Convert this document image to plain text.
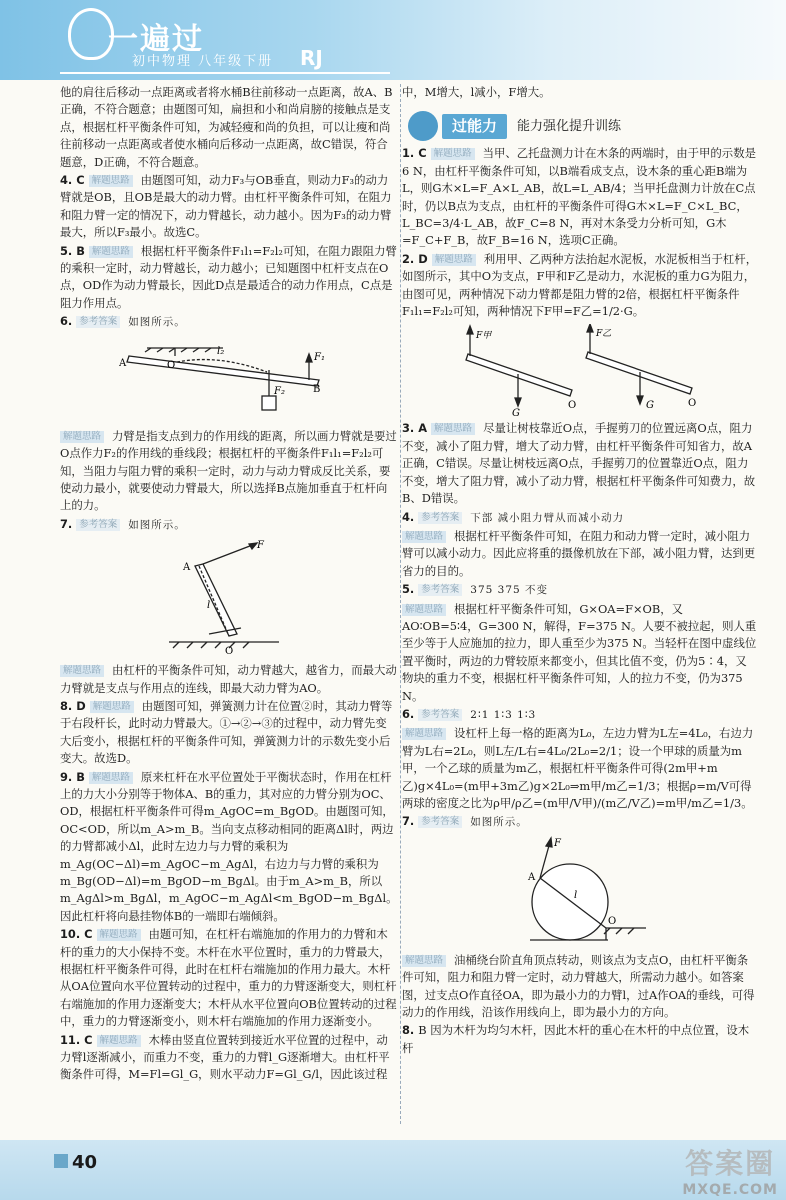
一遍过
初中物理 八年级下册 RJ

他的肩往后移动一点距离或者将水桶B往前移动一点距离，故A、B正确，不符合题意；由题图可知，扁担和小和尚肩膀的接触点是支点，根据杠杆平衡条件可知，为减轻瘦和尚的负担，可以让瘦和尚往前移动一点距离或者使水桶向后移动一点距离，故C错误，符合题意，D正确，不符合题意。

4. C 解题思路 由题图可知，动力F₃与OB垂直，则动力F₃的动力臂就是OB，且OB是最大的动力臂。由杠杆平衡条件可知，在阻力和阻力臂一定的情况下，动力臂越长，动力越小。因为F₃的动力臂最大，所以F₃最小。故选C。
5. B 解题思路 根据杠杆平衡条件F₁l₁=F₂l₂可知，在阻力跟阻力臂的乘积一定时，动力臂越长，动力越小；已知题图中杠杆支点在O点，OD作为动力臂最长，因此D点是最适合的动力作用点，C点是阻力作用点。
6. 参考答案 如图所示。
O
A
B
l₂
F₁
F₂
解题思路 力臂是指支点到力的作用线的距离，所以画力臂就是要过O点作力F₂的作用线的垂线段；根据杠杆的平衡条件F₁l₁=F₂l₂可知，当阻力与阻力臂的乘积一定时，动力与动力臂成反比关系，要使动力最小，就要使动力臂最大，所以选择B点施加垂直于杠杆向上的力。
7. 参考答案 如图所示。
F
A
O
l
解题思路 由杠杆的平衡条件可知，动力臂越大，越省力，而最大动力臂就是支点与作用点的连线，即最大动力臂为AO。
8. D 解题思路 由题图可知，弹簧测力计在位置②时，其动力臂等于右段杆长，此时动力臂最大。①→②→③的过程中，动力臂先变大后变小，根据杠杆的平衡条件可知，弹簧测力计的示数先变小后变大。故选D。
9. B 解题思路 原来杠杆在水平位置处于平衡状态时，作用在杠杆上的力大小分别等于物体A、B的重力，其对应的力臂分别为OC、OD，根据杠杆平衡条件可得m_AgOC=m_BgOD。由题图可知，OC<OD，所以m_A>m_B。当向支点移动相同的距离Δl时，两边的力臂都减小Δl，此时左边力与力臂的乘积为m_Ag(OC−Δl)=m_AgOC−m_AgΔl，右边力与力臂的乘积为m_Bg(OD−Δl)=m_BgOD−m_BgΔl。由于m_A>m_B，所以m_AgΔl>m_BgΔl，m_AgOC−m_AgΔl<m_BgOD−m_BgΔl。因此杠杆将向悬挂物体B的一端即右端倾斜。
10. C 解题思路 由题可知，在杠杆右端施加的作用力的力臂和木杆的重力的大小保持不变。木杆在水平位置时，重力的力臂最大，根据杠杆平衡条件可得，此时在杠杆右端施加的作用力最大。木杆从OA位置向水平位置转动的过程中，重力的力臂逐渐变大，则杠杆右端施加的作用力逐渐变大；木杆从水平位置向OB位置转动的过程中，重力的力臂逐渐变小，则木杆右端施加的作用力逐渐变小。
11. C 解题思路 木棒由竖直位置转到接近水平位置的过程中，动力臂l逐渐减小，而重力不变，重力的力臂l_G逐渐增大。由杠杆平衡条件可得，M=Fl=Gl_G，则水平动力F=Gl_G/l，因此该过程

中，M增大，l减小，F增大。

过能力	能力强化提升训练
1. C 解题思路 当甲、乙托盘测力计在木条的两端时，由于甲的示数是6 N，由杠杆平衡条件可知，以B端看成支点，设木条的重心距B端为L，则G木×L=F_A×L_AB，故L=L_AB/4；当甲托盘测力计放在C点时，仍以B点为支点，由杠杆的平衡条件可得G木×L=F_C×L_BC，L_BC=3/4·L_AB，故F_C=8 N，再对木条受力分析可知，G木=F_C+F_B，故F_B=16 N，选项C正确。
2. D 解题思路 利用甲、乙两种方法抬起水泥板，水泥板相当于杠杆，如图所示，其中O为支点，F甲和F乙是动力，水泥板的重力G为阻力，由图可见，两种情况下动力臂都是阻力臂的2倍，根据杠杆平衡条件F₁l₁=F₂l₂可知，两种情况下F甲=F乙=1/2·G。
F甲	F乙
G
G
O	O
3. A 解题思路 尽量让树枝靠近O点，手握剪刀的位置远离O点，阻力不变，减小了阻力臂，增大了动力臂，由杠杆平衡条件可知省力，故A正确，C错误。尽量让树枝远离O点，手握剪刀的位置靠近O点，阻力不变，增大了阻力臂，减小了动力臂，根据杠杆平衡条件可知费力，故B、D错误。
4. 参考答案 下部 减小阻力臂从而减小动力
解题思路 根据杠杆平衡条件可知，在阻力和动力臂一定时，减小阻力臂可以减小动力。因此应将重的摄像机放在下部，减小阻力臂，达到更省力的目的。
5. 参考答案 375 375 不变
解题思路 根据杠杆平衡条件可知，G×OA=F×OB，又AO∶OB=5∶4，G=300 N，解得，F=375 N。人要不被拉起，则人重至少等于人应施加的拉力，即人重至少为375 N。当轻杆在图中虚线位置平衡时，两边的力臂较原来都变小，但其比值不变，仍为5∶4，又物块的重力不变，根据杠杆平衡条件可知，人的拉力不变，仍为375 N。
6. 参考答案 2∶1 1∶3 1∶3
解题思路 设杠杆上每一格的距离为L₀，左边力臂为L左=4L₀，右边力臂为L右=2L₀，则L左/L右=4L₀/2L₀=2/1；设一个甲球的质量为m甲，一个乙球的质量为m乙，根据杠杆平衡条件可得(2m甲+m乙)g×4L₀=(m甲+3m乙)g×2L₀⇒m甲/m乙=1/3；根据ρ=m/V可得两球的密度之比为ρ甲/ρ乙=(m甲/V甲)/(m乙/V乙)=m甲/m乙=1/3。
7. 参考答案 如图所示。
F
A
O
l
解题思路 油桶绕台阶直角顶点转动，则该点为支点O，由杠杆平衡条件可知，阻力和阻力臂一定时，动力臂越大，所需动力越小。如答案图，过支点O作直径OA，即为最小力的力臂l，过A作OA的垂线，可得动力的作用线，沿该作用线向上，即为最小力的方向。
8. B 因为木杆为均匀木杆，因此木杆的重心在木杆的中点位置，设木杆
40	答案圈
MXQE.COM
